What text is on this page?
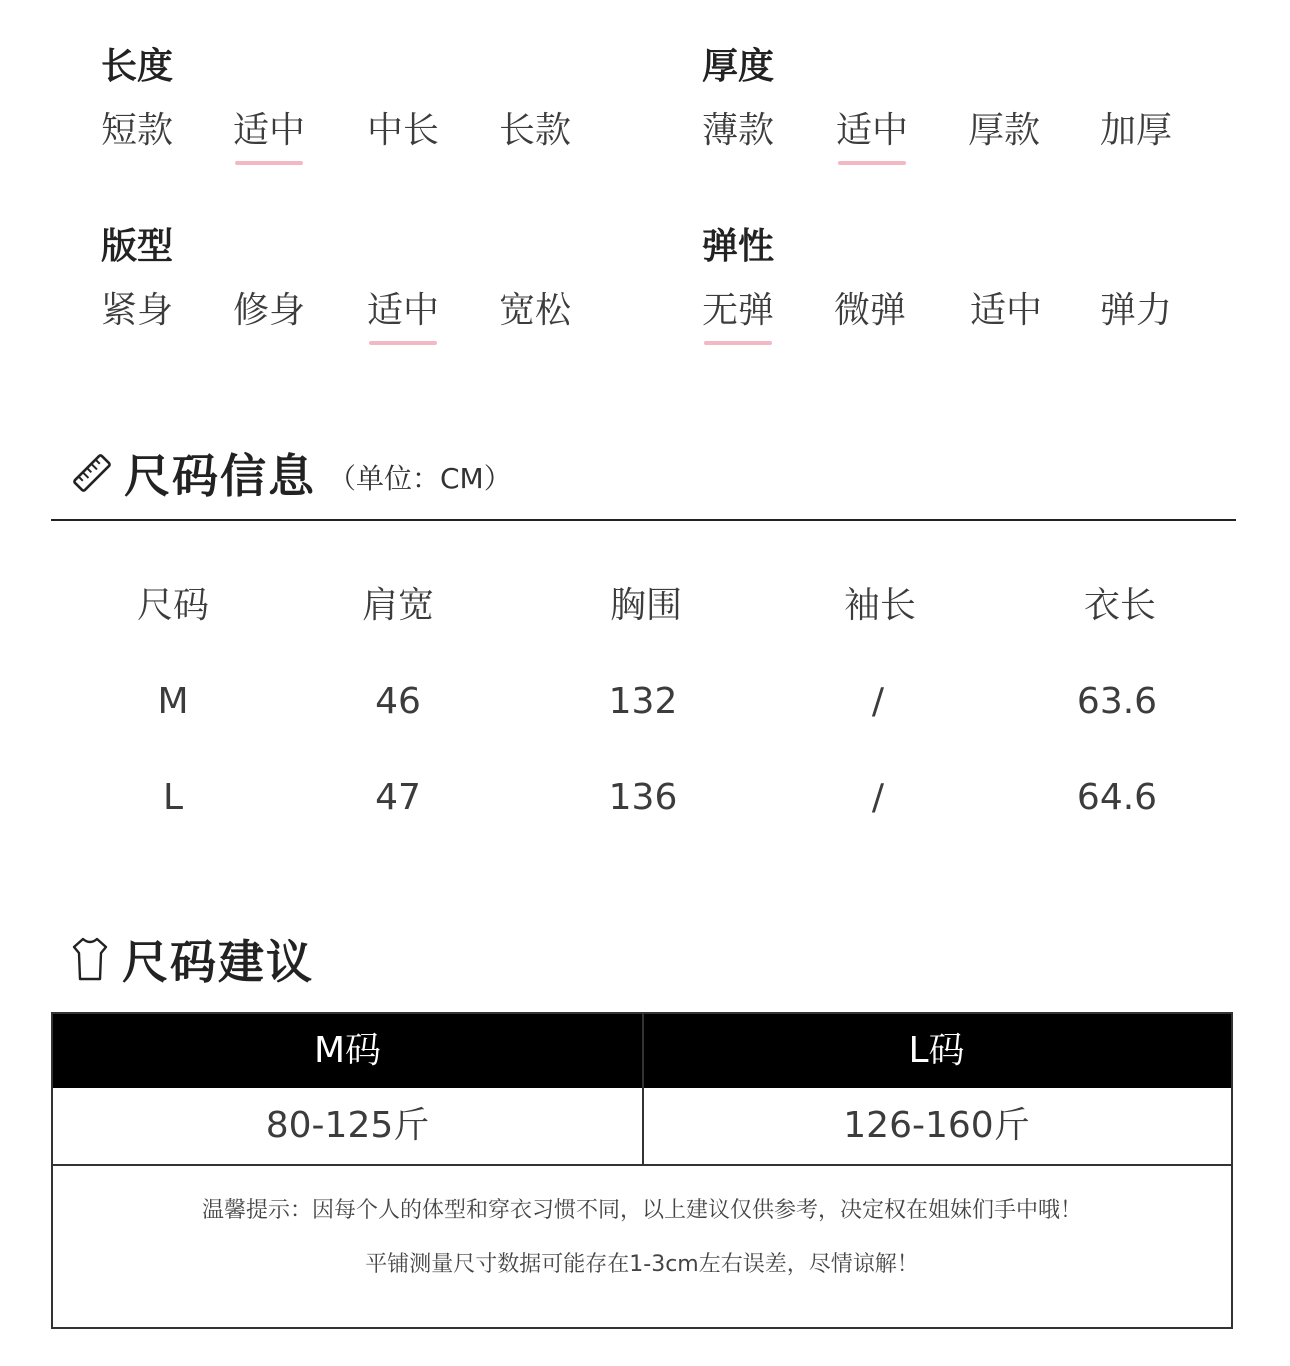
长度
短款 适中 中长 长款
厚度
薄款 适中 厚款 加厚
版型
紧身 修身 适中 宽松
弹性
无弹 微弹 适中 弹力
尺码信息 （单位：CM）
尺码	肩宽	胸围	袖长	衣长
M	46	132	/	63.6
L	47	136	/	64.6
尺码建议
M码	L码
80-125斤	126-160斤
温馨提示：因每个人的体型和穿衣习惯不同，以上建议仅供参考，决定权在姐妹们手中哦！
平铺测量尺寸数据可能存在1-3cm左右误差，尽情谅解！
